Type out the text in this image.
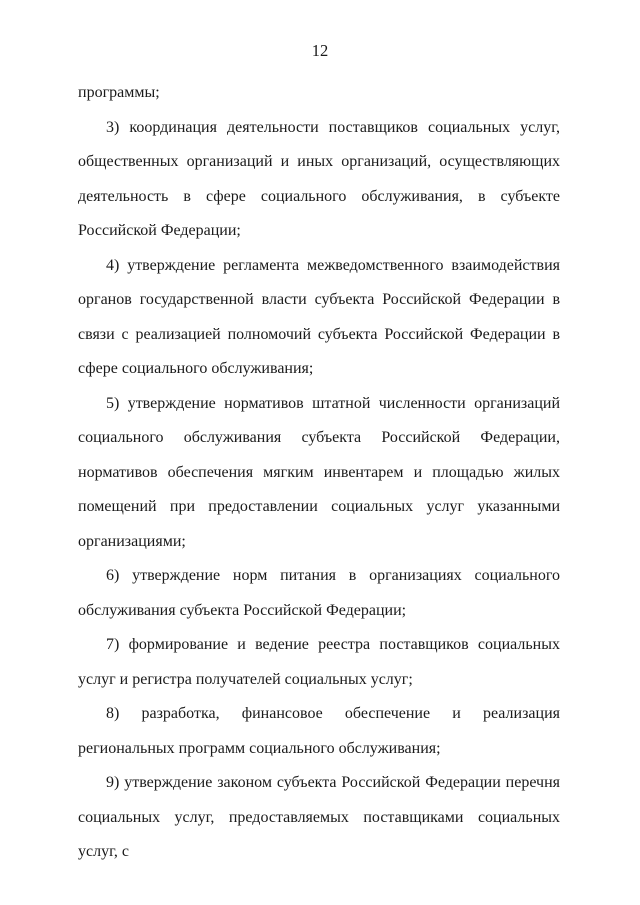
12

программы;

3) координация деятельности поставщиков социальных услуг, общественных организаций и иных организаций, осуществляющих деятельность в сфере социального обслуживания, в субъекте Российской Федерации;

4) утверждение регламента межведомственного взаимодействия органов государственной власти субъекта Российской Федерации в связи с реализацией полномочий субъекта Российской Федерации в сфере социального обслуживания;

5) утверждение нормативов штатной численности организаций социального обслуживания субъекта Российской Федерации, нормативов обеспечения мягким инвентарем и площадью жилых помещений при предоставлении социальных услуг указанными организациями;

6) утверждение норм питания в организациях социального обслуживания субъекта Российской Федерации;

7) формирование и ведение реестра поставщиков социальных услуг и регистра получателей социальных услуг;

8) разработка, финансовое обеспечение и реализация региональных программ социального обслуживания;

9) утверждение законом субъекта Российской Федерации перечня социальных услуг, предоставляемых поставщиками социальных услуг, с
